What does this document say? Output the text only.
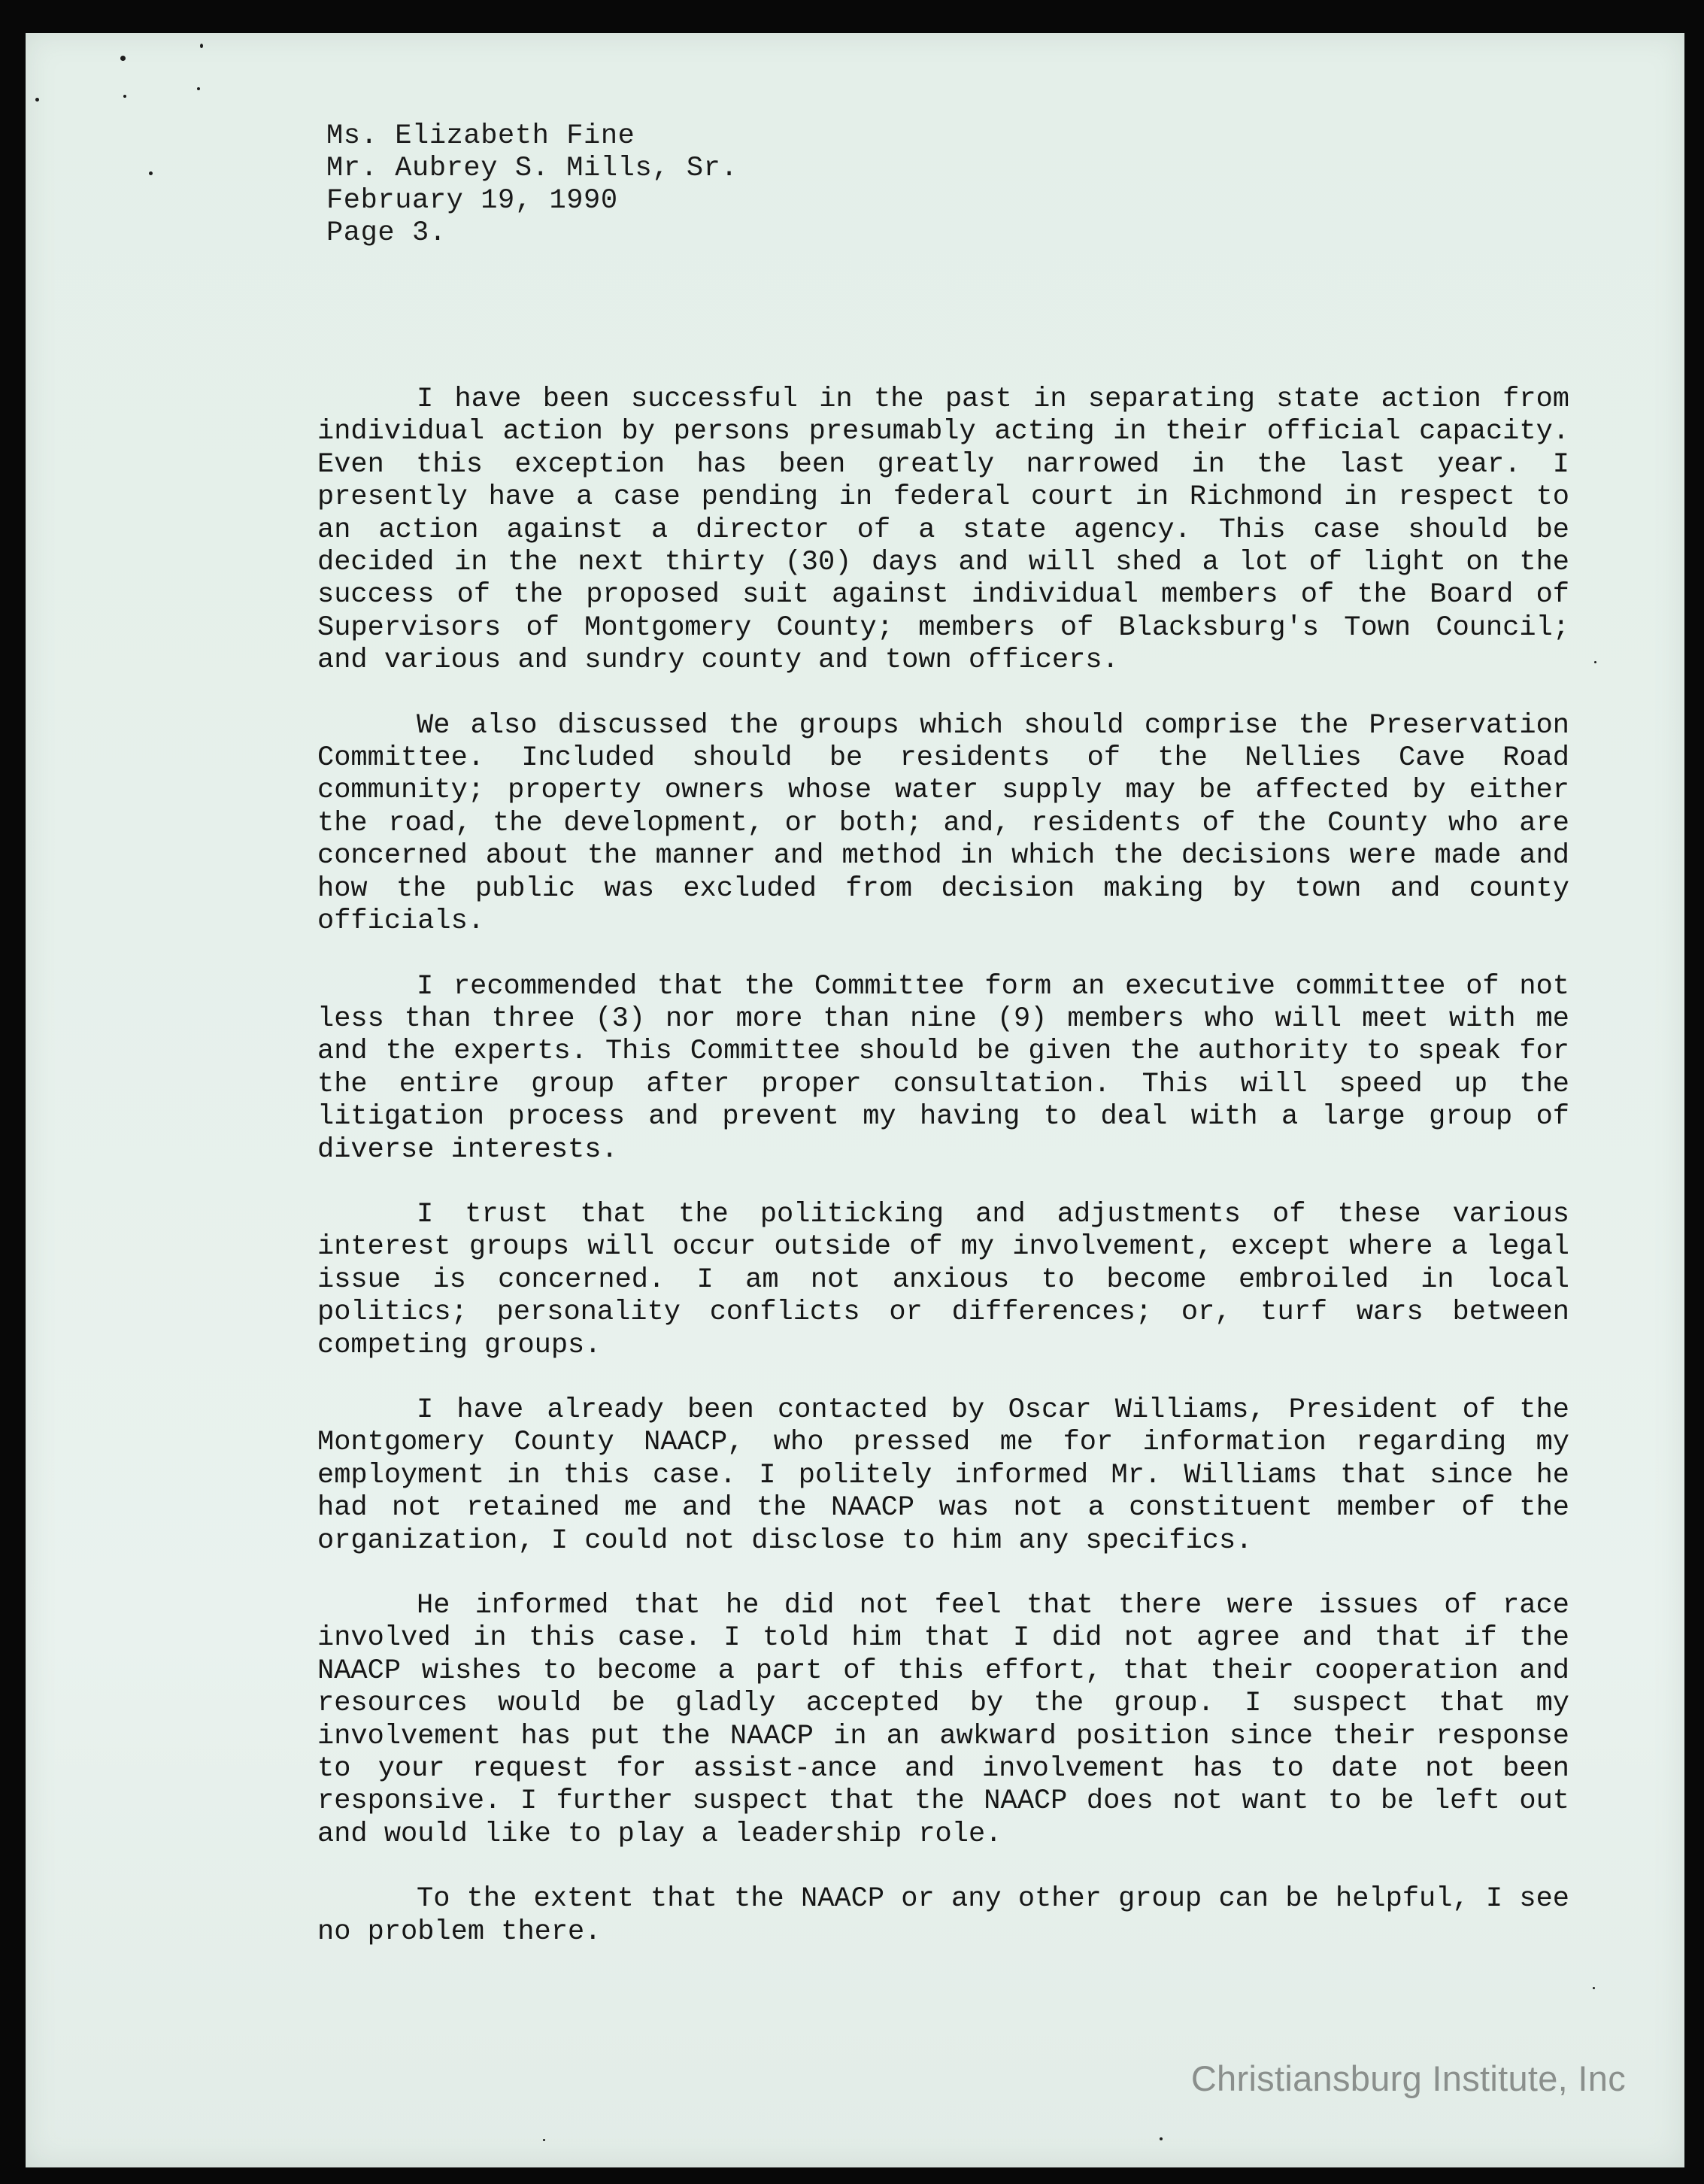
Ms. Elizabeth Fine
Mr. Aubrey S. Mills, Sr.
February 19, 1990
Page 3.

I have been successful in the past in separating state action from individual action by persons presumably acting in their official capacity. Even this exception has been greatly narrowed in the last year. I presently have a case pending in federal court in Richmond in respect to an action against a director of a state agency. This case should be decided in the next thirty (30) days and will shed a lot of light on the success of the proposed suit against individual members of the Board of Supervisors of Montgomery County; members of Blacksburg's Town Council; and various and sundry county and town officers.

We also discussed the groups which should comprise the Preservation Committee. Included should be residents of the Nellies Cave Road community; property owners whose water supply may be affected by either the road, the development, or both; and, residents of the County who are concerned about the manner and method in which the decisions were made and how the public was excluded from decision making by town and county officials.

I recommended that the Committee form an executive committee of not less than three (3) nor more than nine (9) members who will meet with me and the experts. This Committee should be given the authority to speak for the entire group after proper consultation. This will speed up the litigation process and prevent my having to deal with a large group of diverse interests.

I trust that the politicking and adjustments of these various interest groups will occur outside of my involvement, except where a legal issue is concerned. I am not anxious to become embroiled in local politics; personality conflicts or differences; or, turf wars between competing groups.

I have already been contacted by Oscar Williams, President of the Montgomery County NAACP, who pressed me for information regarding my employment in this case. I politely informed Mr. Williams that since he had not retained me and the NAACP was not a constituent member of the organization, I could not disclose to him any specifics.

He informed that he did not feel that there were issues of race involved in this case. I told him that I did not agree and that if the NAACP wishes to become a part of this effort, that their cooperation and resources would be gladly accepted by the group. I suspect that my involvement has put the NAACP in an awkward position since their response to your request for assist-ance and involvement has to date not been responsive. I further suspect that the NAACP does not want to be left out and would like to play a leadership role.

To the extent that the NAACP or any other group can be helpful, I see no problem there.

Christiansburg Institute, Inc
